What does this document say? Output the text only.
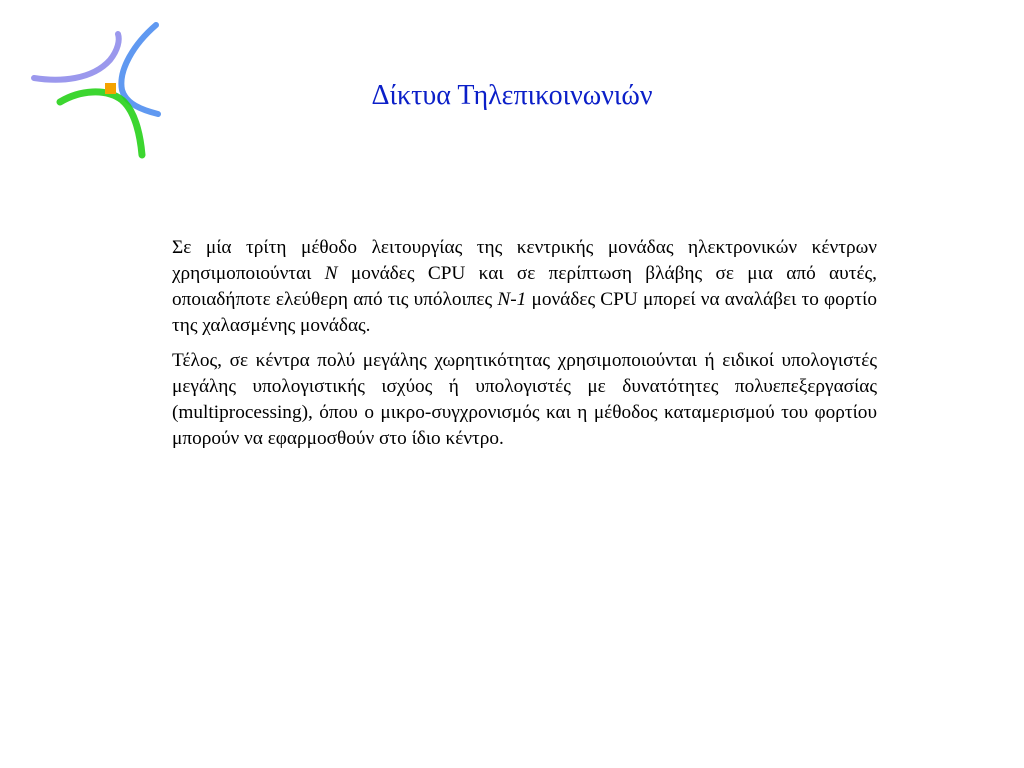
Δίκτυα Τηλεπικοινωνιών

Σε μία τρίτη μέθοδο λειτουργίας της κεντρικής μονάδας ηλεκτρονικών κέντρων χρησιμοποιούνται N μονάδες CPU και σε περίπτωση βλάβης σε μια από αυτές, οποιαδήποτε ελεύθερη από τις υπόλοιπες N-1 μονάδες CPU μπορεί να αναλάβει το φορτίο της χαλασμένης μονάδας.

Τέλος, σε κέντρα πολύ μεγάλης χωρητικότητας χρησιμοποιούνται ή ειδικοί υπολογιστές μεγάλης υπολογιστικής ισχύος ή υπολογιστές με δυνατότητες πολυεπεξεργασίας (multiprocessing), όπου ο μικρο-συγχρονισμός και η μέθοδος καταμερισμού του φορτίου μπορούν να εφαρμοσθούν στο ίδιο κέντρο.
